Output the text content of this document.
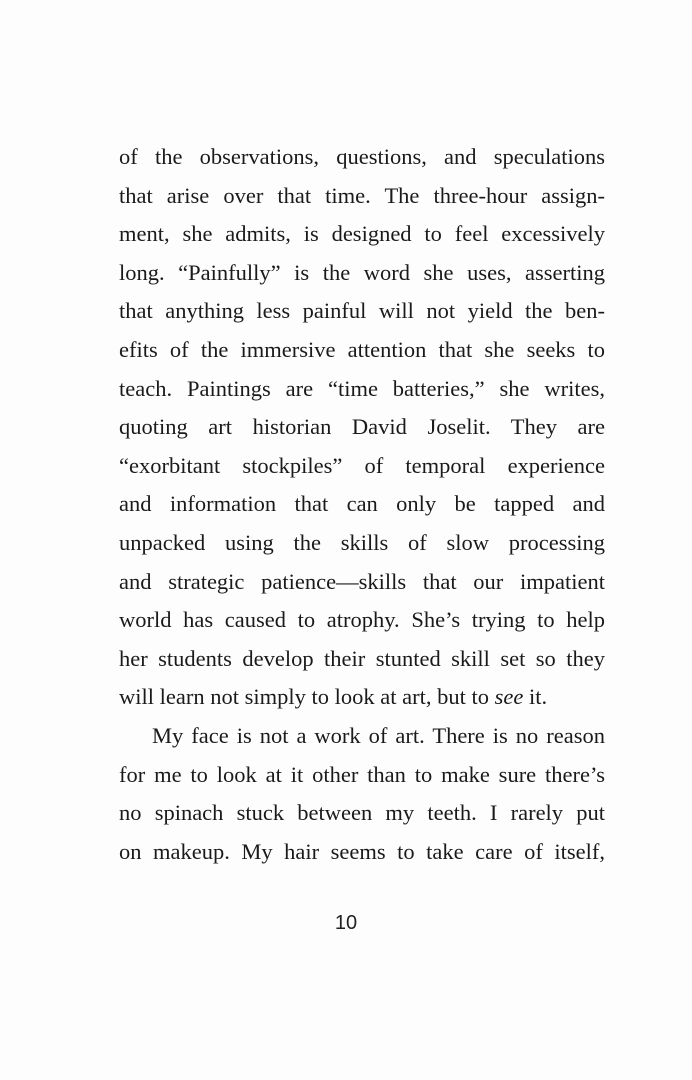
of the observations, questions, and speculations
that arise over that time. The three-hour assign-
ment, she admits, is designed to feel excessively
long. “Painfully” is the word she uses, asserting
that anything less painful will not yield the ben-
efits of the immersive attention that she seeks to
teach. Paintings are “time batteries,” she writes,
quoting art historian David Joselit. They are
“exorbitant stockpiles” of temporal experience
and information that can only be tapped and
unpacked using the skills of slow processing
and strategic patience—skills that our impatient
world has caused to atrophy. She’s trying to help
her students develop their stunted skill set so they
will learn not simply to look at art, but to see it.
My face is not a work of art. There is no reason
for me to look at it other than to make sure there’s
no spinach stuck between my teeth. I rarely put
on makeup. My hair seems to take care of itself,
10
